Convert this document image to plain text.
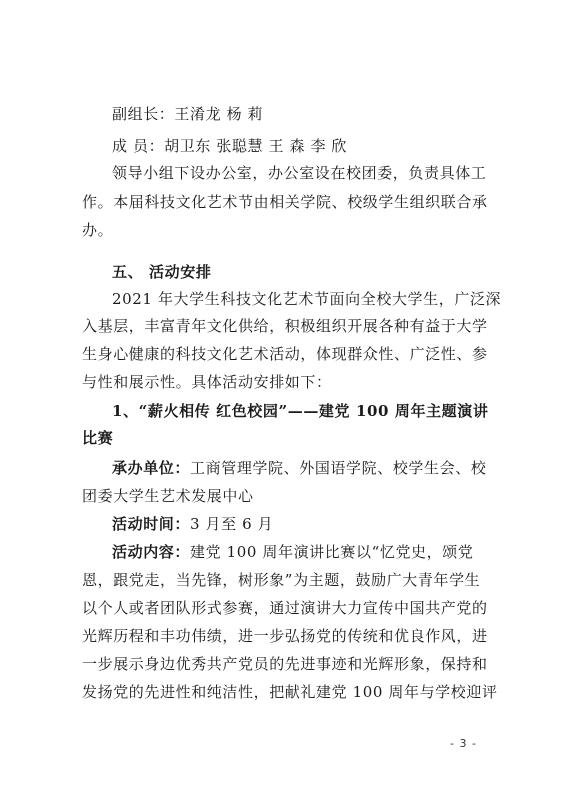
副组长：王淆龙 杨 莉
成 员：胡卫东 张聪慧 王 森 李 欣
领导小组下设办公室，办公室设在校团委，负责具体工
作。本届科技文化艺术节由相关学院、校级学生组织联合承
办。
五、 活动安排
2021 年大学生科技文化艺术节面向全校大学生，广泛深
入基层，丰富青年文化供给，积极组织开展各种有益于大学
生身心健康的科技文化艺术活动，体现群众性、广泛性、参
与性和展示性。具体活动安排如下：
1、“薪火相传 红色校园”——建党 100 周年主题演讲
比赛
承办单位：工商管理学院、外国语学院、校学生会、校
团委大学生艺术发展中心
活动时间：3 月至 6 月
活动内容：建党 100 周年演讲比赛以“忆党史，颂党
恩，跟党走，当先锋，树形象”为主题，鼓励广大青年学生
以个人或者团队形式参赛，通过演讲大力宣传中国共产党的
光辉历程和丰功伟绩，进一步弘扬党的传统和优良作风，进
一步展示身边优秀共产党员的先进事迹和光辉形象，保持和
发扬党的先进性和纯洁性，把献礼建党 100 周年与学校迎评
- 3 -
